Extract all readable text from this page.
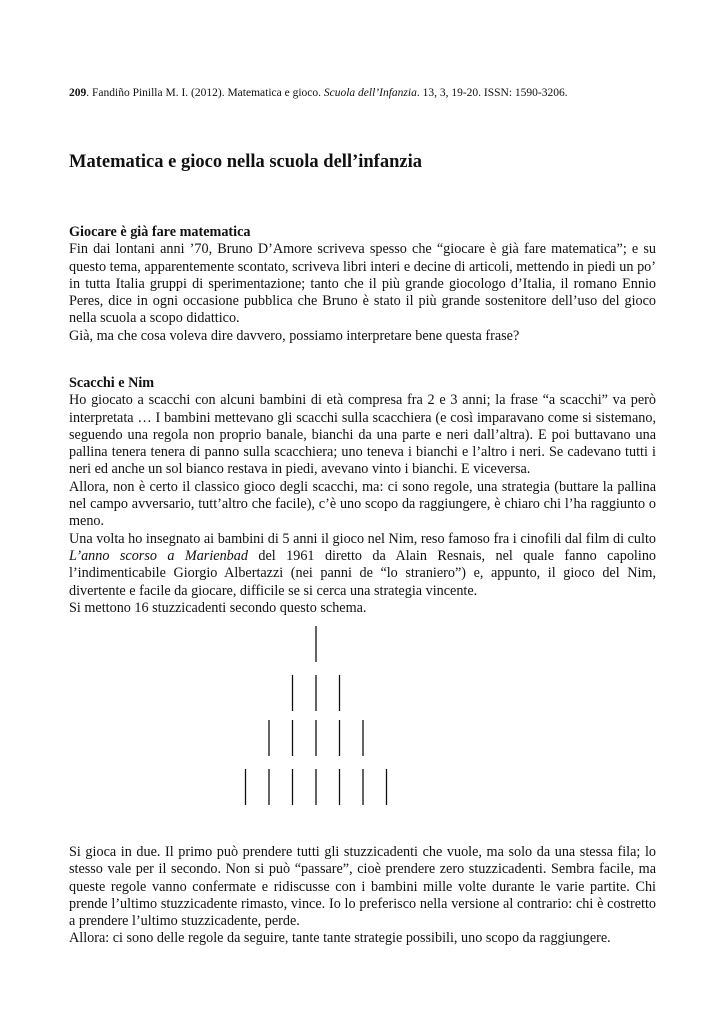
209. Fandiño Pinilla M. I. (2012). Matematica e gioco. Scuola dell’Infanzia. 13, 3, 19-20. ISSN: 1590-3206.
Matematica e gioco nella scuola dell’infanzia
Giocare è già fare matematica

Fin dai lontani anni ’70, Bruno D’Amore scriveva spesso che “giocare è già fare matematica”; e su questo tema, apparentemente scontato, scriveva libri interi e decine di articoli, mettendo in piedi un po’ in tutta Italia gruppi di sperimentazione; tanto che il più grande giocologo d’Italia, il romano Ennio Peres, dice in ogni occasione pubblica che Bruno è stato il più grande sostenitore dell’uso del gioco nella scuola a scopo didattico.

Già, ma che cosa voleva dire davvero, possiamo interpretare bene questa frase?

Scacchi e Nim

Ho giocato a scacchi con alcuni bambini di età compresa fra 2 e 3 anni; la frase “a scacchi” va però interpretata … I bambini mettevano gli scacchi sulla scacchiera (e così imparavano come si sistemano, seguendo una regola non proprio banale, bianchi da una parte e neri dall’altra). E poi buttavano una pallina tenera tenera di panno sulla scacchiera; uno teneva i bianchi e l’altro i neri. Se cadevano tutti i neri ed anche un sol bianco restava in piedi, avevano vinto i bianchi. E viceversa.

Allora, non è certo il classico gioco degli scacchi, ma: ci sono regole, una strategia (buttare la pallina nel campo avversario, tutt’altro che facile), c’è uno scopo da raggiungere, è chiaro chi l’ha raggiunto o meno.

Una volta ho insegnato ai bambini di 5 anni il gioco nel Nim, reso famoso fra i cinofili dal film di culto L’anno scorso a Marienbad del 1961 diretto da Alain Resnais, nel quale fanno capolino l’indimenticabile Giorgio Albertazzi (nei panni de “lo straniero”) e, appunto, il gioco del Nim, divertente e facile da giocare, difficile se si cerca una strategia vincente.

Si mettono 16 stuzzicadenti secondo questo schema.

Si gioca in due. Il primo può prendere tutti gli stuzzicadenti che vuole, ma solo da una stessa fila; lo stesso vale per il secondo. Non si può “passare”, cioè prendere zero stuzzicadenti. Sembra facile, ma queste regole vanno confermate e ridiscusse con i bambini mille volte durante le varie partite. Chi prende l’ultimo stuzzicadente rimasto, vince. Io lo preferisco nella versione al contrario: chi è costretto a prendere l’ultimo stuzzicadente, perde.

Allora: ci sono delle regole da seguire, tante tante strategie possibili, uno scopo da raggiungere.
